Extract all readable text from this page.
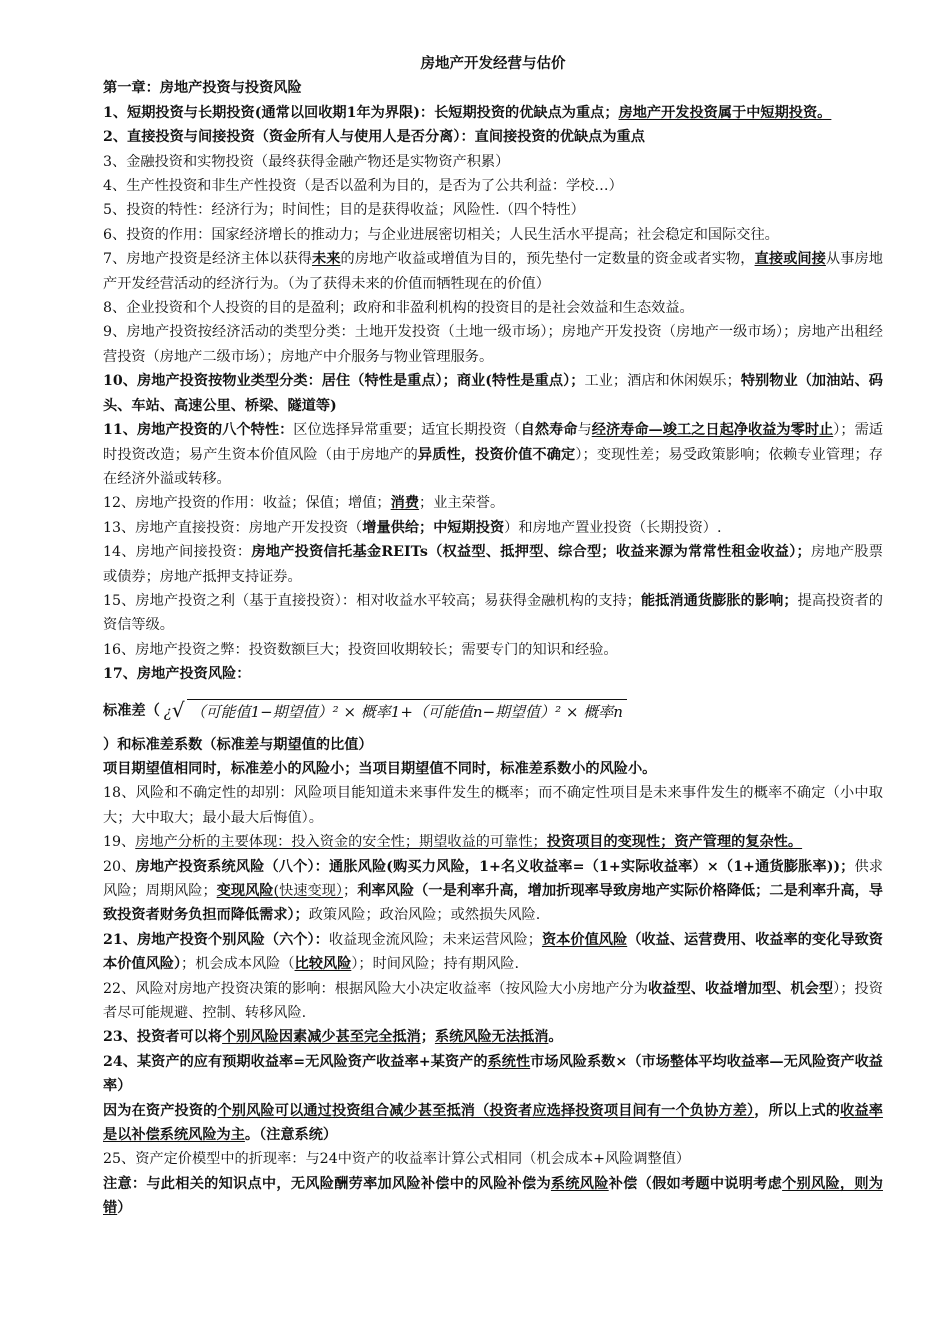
房地产开发经营与估价

第一章：房地产投资与投资风险

1、短期投资与长期投资(通常以回收期1年为界限)：长短期投资的优缺点为重点；房地产开发投资属于中短期投资。

2、直接投资与间接投资（资金所有人与使用人是否分离）：直间接投资的优缺点为重点

3、金融投资和实物投资（最终获得金融产物还是实物资产积累）

4、生产性投资和非生产性投资（是否以盈利为目的，是否为了公共利益：学校…）

5、投资的特性：经济行为；时间性；目的是获得收益；风险性.（四个特性）

6、投资的作用：国家经济增长的推动力；与企业进展密切相关；人民生活水平提高；社会稳定和国际交往。

7、房地产投资是经济主体以获得未来的房地产收益或增值为目的，预先垫付一定数量的资金或者实物，直接或间接从事房地产开发经营活动的经济行为。（为了获得未来的价值而牺牲现在的价值）

8、企业投资和个人投资的目的是盈利；政府和非盈利机构的投资目的是社会效益和生态效益。

9、房地产投资按经济活动的类型分类：土地开发投资（土地一级市场）；房地产开发投资（房地产一级市场）；房地产出租经营投资（房地产二级市场）；房地产中介服务与物业管理服务。

10、房地产投资按物业类型分类：居住（特性是重点）；商业(特性是重点）；工业；酒店和休闲娱乐；特别物业（加油站、码头、车站、高速公里、桥梁、隧道等)

11、房地产投资的八个特性：区位选择异常重要；适宜长期投资（自然寿命与经济寿命—竣工之日起净收益为零时止）；需适时投资改造；易产生资本价值风险（由于房地产的异质性，投资价值不确定）；变现性差；易受政策影响；依赖专业管理；存在经济外溢或转移。

12、房地产投资的作用：收益；保值；增值；消费；业主荣誉。

13、房地产直接投资：房地产开发投资（增量供给；中短期投资）和房地产置业投资（长期投资）.

14、房地产间接投资：房地产投资信托基金REITs（权益型、抵押型、综合型；收益来源为常常性租金收益）；房地产股票或债券；房地产抵押支持证券。

15、房地产投资之利（基于直接投资）：相对收益水平较高；易获得金融机构的支持；能抵消通货膨胀的影响；提高投资者的资信等级。

16、房地产投资之弊：投资数额巨大；投资回收期较长；需要专门的知识和经验。

17、房地产投资风险：

标准差（ ¿√ （可能值1−期望值）² × 概率1+（可能值n−期望值）² × 概率n

）和标准差系数（标准差与期望值的比值）

项目期望值相同时，标准差小的风险小；当项目期望值不同时，标准差系数小的风险小。

18、风险和不确定性的却别：风险项目能知道未来事件发生的概率；而不确定性项目是未来事件发生的概率不确定（小中取大；大中取大；最小最大后悔值）。

19、房地产分析的主要体现：投入资金的安全性；期望收益的可靠性；投资项目的变现性；资产管理的复杂性。

20、房地产投资系统风险（八个）：通胀风险(购买力风险，1+名义收益率=（1+实际收益率）×（1+通货膨胀率))；供求风险；周期风险；变现风险(快速变现）；利率风险（一是利率升高，增加折现率导致房地产实际价格降低；二是利率升高，导致投资者财务负担而降低需求）；政策风险；政治风险；或然损失风险.

21、房地产投资个别风险（六个）：收益现金流风险；未来运营风险；资本价值风险（收益、运营费用、收益率的变化导致资本价值风险）；机会成本风险（比较风险）；时间风险；持有期风险.

22、风险对房地产投资决策的影响：根据风险大小决定收益率（按风险大小房地产分为收益型、收益增加型、机会型）；投资者尽可能规避、控制、转移风险.

23、投资者可以将个别风险因素减少甚至完全抵消；系统风险无法抵消。

24、某资产的应有预期收益率=无风险资产收益率+某资产的系统性市场风险系数×（市场整体平均收益率—无风险资产收益率）

因为在资产投资的个别风险可以通过投资组合减少甚至抵消（投资者应选择投资项目间有一个负协方差），所以上式的收益率是以补偿系统风险为主。（注意系统）

25、资产定价模型中的折现率：与24中资产的收益率计算公式相同（机会成本+风险调整值）

注意：与此相关的知识点中，无风险酬劳率加风险补偿中的风险补偿为系统风险补偿（假如考题中说明考虑个别风险，则为错）
